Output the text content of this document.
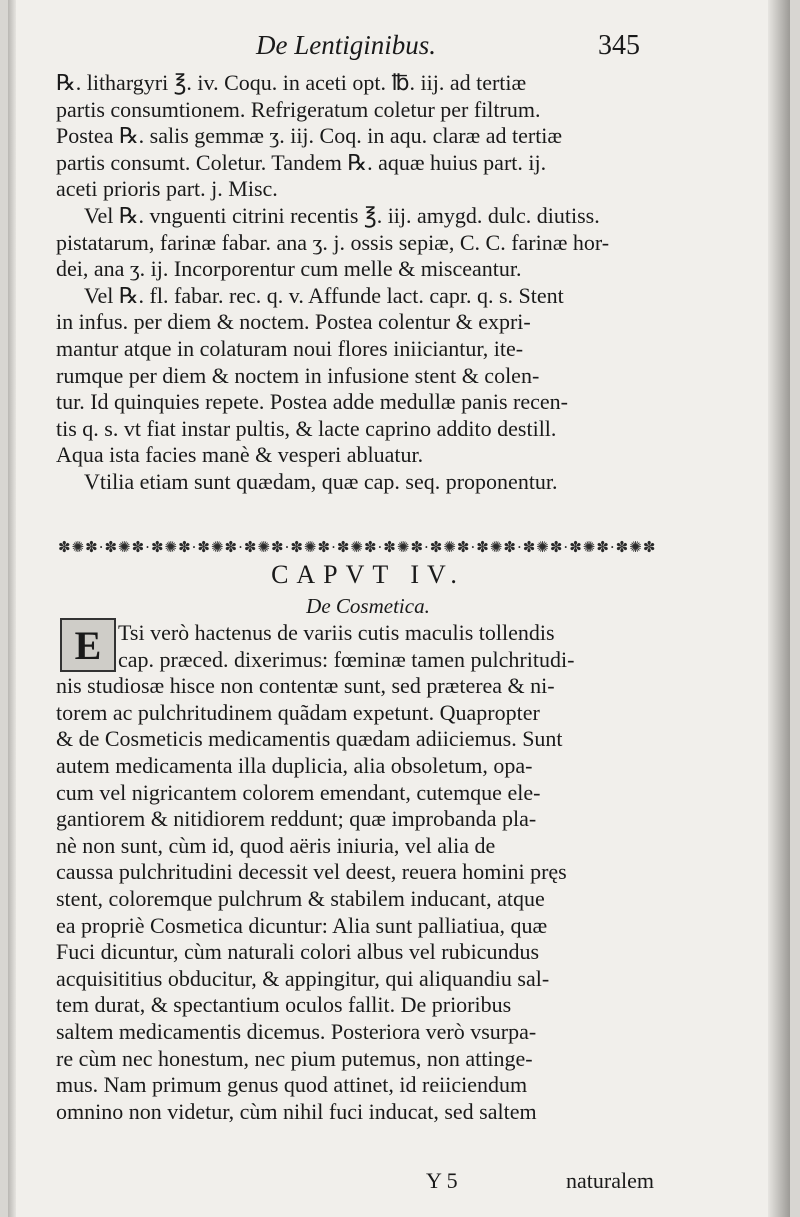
De Lentiginibus.	345
℞. lithargyri ℥. iv. Coqu. in aceti opt. ℔. iij. ad tertiæ
partis consumtionem. Refrigeratum coletur per filtrum.
Postea ℞. salis gemmæ ʒ. iij. Coq. in aqu. claræ ad tertiæ
partis consumt. Coletur. Tandem ℞. aquæ huius part. ij.
aceti prioris part. j. Misc.
Vel ℞. vnguenti citrini recentis ℥. iij. amygd. dulc. diutiss.
pistatarum, farinæ fabar. ana ʒ. j. ossis sepiæ, C. C. farinæ hor-
dei, ana ʒ. ij. Incorporentur cum melle & misceantur.
Vel ℞. fl. fabar. rec. q. v. Affunde lact. capr. q. s. Stent
in infus. per diem & noctem. Postea colentur & expri-
mantur atque in colaturam noui flores iniiciantur, ite-
rumque per diem & noctem in infusione stent & colen-
tur. Id quinquies repete. Postea adde medullæ panis recen-
tis q. s. vt fiat instar pultis, & lacte caprino addito destill.
Aqua ista facies manè & vesperi abluatur.
Vtilia etiam sunt quædam, quæ cap. seq. proponentur.
✽✺✽·✽✺✽·✽✺✽·✽✺✽·✽✺✽·✽✺✽·✽✺✽·✽✺✽·✽✺✽·✽✺✽·✽✺✽·✽✺✽·✽✺✽
CAPVT IV.
De Cosmetica.
E Tsi verò hactenus de variis cutis maculis tollendis
cap. præced. dixerimus: fœminæ tamen pulchritudi-
nis studiosæ hisce non contentæ sunt, sed præterea & ni-
torem ac pulchritudinem quãdam expetunt. Quapropter
& de Cosmeticis medicamentis quædam adiiciemus. Sunt
autem medicamenta illa duplicia, alia obsoletum, opa-
cum vel nigricantem colorem emendant, cutemque ele-
gantiorem & nitidiorem reddunt; quæ improbanda pla-
nè non sunt, cùm id, quod aëris iniuria, vel alia de
caussa pulchritudini decessit vel deest, reuera homini pręs
stent, coloremque pulchrum & stabilem inducant, atque
ea propriè Cosmetica dicuntur: Alia sunt palliatiua, quæ
Fuci dicuntur, cùm naturali colori albus vel rubicundus
acquisititius obducitur, & appingitur, qui aliquandiu sal-
tem durat, & spectantium oculos fallit. De prioribus
saltem medicamentis dicemus. Posteriora verò vsurpa-
re cùm nec honestum, nec pium putemus, non attinge-
mus. Nam primum genus quod attinet, id reiiciendum
omnino non videtur, cùm nihil fuci inducat, sed saltem
Y 5	naturalem
